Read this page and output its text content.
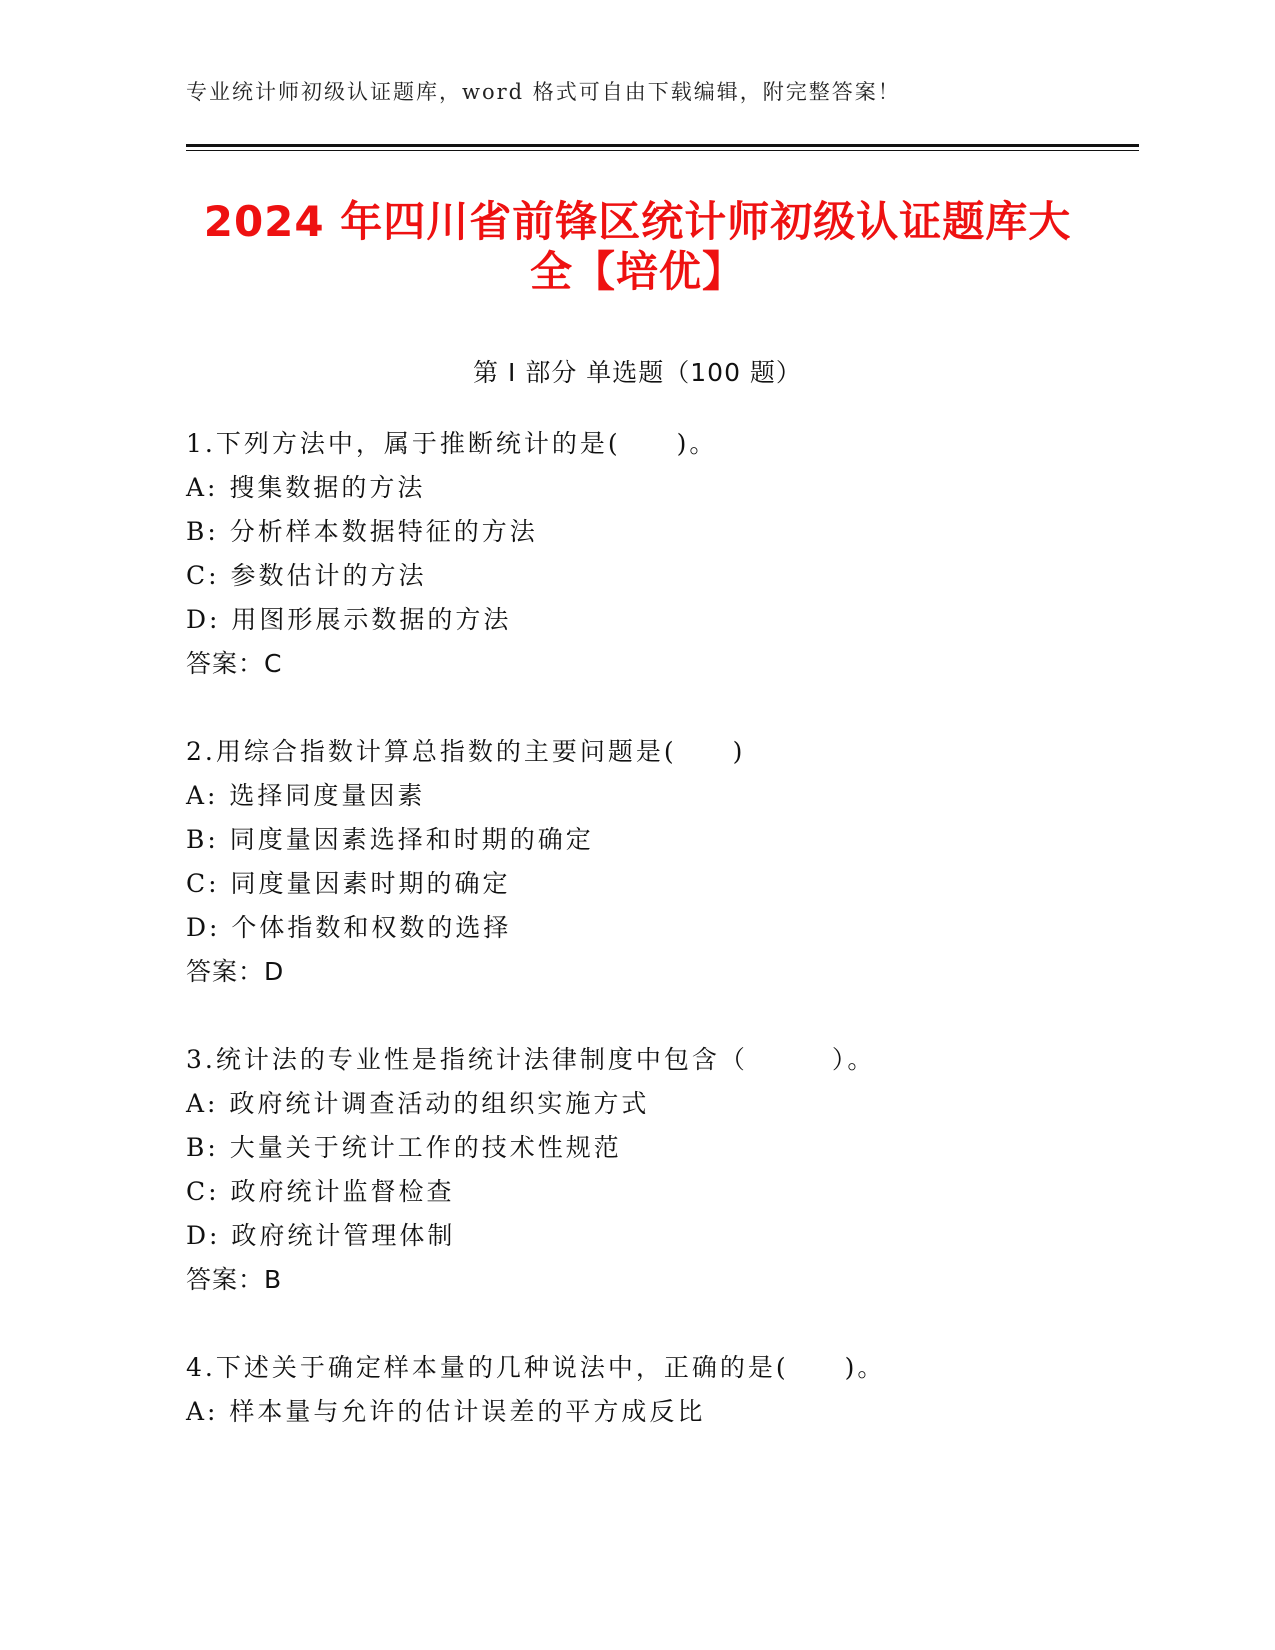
专业统计师初级认证题库，word 格式可自由下载编辑，附完整答案！
2024 年四川省前锋区统计师初级认证题库大
全【培优】
第 I 部分 单选题（100 题）
1.下列方法中，属于推断统计的是(　　)。
A: 搜集数据的方法
B: 分析样本数据特征的方法
C: 参数估计的方法
D: 用图形展示数据的方法
答案：C
2.用综合指数计算总指数的主要问题是(　　)
A: 选择同度量因素
B: 同度量因素选择和时期的确定
C: 同度量因素时期的确定
D: 个体指数和权数的选择
答案：D
3.统计法的专业性是指统计法律制度中包含（　　　）。
A: 政府统计调查活动的组织实施方式
B: 大量关于统计工作的技术性规范
C: 政府统计监督检查
D: 政府统计管理体制
答案：B
4.下述关于确定样本量的几种说法中，正确的是(　　)。
A: 样本量与允许的估计误差的平方成反比
